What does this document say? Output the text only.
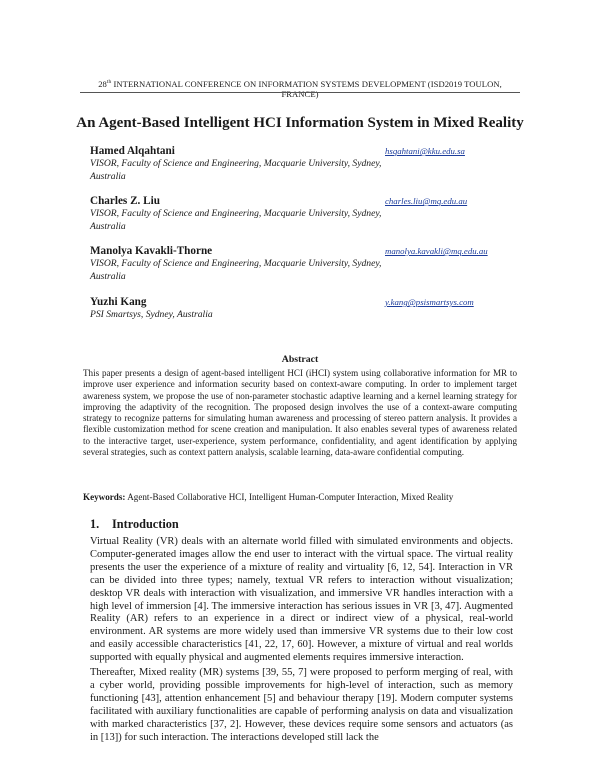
28th INTERNATIONAL CONFERENCE ON INFORMATION SYSTEMS DEVELOPMENT (ISD2019 TOULON, FRANCE)
An Agent-Based Intelligent HCI Information System in Mixed Reality
Hamed Alqahtani	hsqahtani@kku.edu.sa
VISOR, Faculty of Science and Engineering, Macquarie University, Sydney, Australia
Charles Z. Liu	charles.liu@mq.edu.au
VISOR, Faculty of Science and Engineering, Macquarie University, Sydney, Australia
Manolya Kavakli-Thorne	manolya.kavakli@mq.edu.au
VISOR, Faculty of Science and Engineering, Macquarie University, Sydney, Australia
Yuzhi Kang	y.kang@psismartsys.com
PSI Smartsys, Sydney, Australia
Abstract
This paper presents a design of agent-based intelligent HCI (iHCI) system using collaborative information for MR to improve user experience and information security based on context-aware computing. In order to implement target awareness system, we propose the use of non-parameter stochastic adaptive learning and a kernel learning strategy for improving the adaptivity of the recognition. The proposed design involves the use of a context-aware computing strategy to recognize patterns for simulating human awareness and processing of stereo pattern analysis. It provides a flexible customization method for scene creation and manipulation. It also enables several types of awareness related to the interactive target, user-experience, system performance, confidentiality, and agent identification by applying several strategies, such as context pattern analysis, scalable learning, data-aware confidential computing.
Keywords: Agent-Based Collaborative HCI, Intelligent Human-Computer Interaction, Mixed Reality
1. Introduction
Virtual Reality (VR) deals with an alternate world filled with simulated environments and objects. Computer-generated images allow the end user to interact with the virtual space. The virtual reality presents the user the experience of a mixture of reality and virtuality [6, 12, 54]. Interaction in VR can be divided into three types; namely, textual VR refers to interaction without visualization; desktop VR deals with interaction with visualization, and immersive VR handles interaction with a high level of immersion [4]. The immersive interaction has serious issues in VR [3, 47]. Augmented Reality (AR) refers to an experience in a direct or indirect view of a physical, real-world environment. AR systems are more widely used than immersive VR systems due to their low cost and easily accessible characteristics [41, 22, 17, 60]. However, a mixture of virtual and real worlds supported with equally physical and augmented elements requires immersive interaction.
Thereafter, Mixed reality (MR) systems [39, 55, 7] were proposed to perform merging of real, with a cyber world, providing possible improvements for high-level of interaction, such as memory functioning [43], attention enhancement [5] and behaviour therapy [19]. Modern computer systems facilitated with auxiliary functionalities are capable of performing analysis on data and visualization with marked characteristics [37, 2]. However, these devices require some sensors and actuators (as in [13]) for such interaction. The interactions developed still lack the
